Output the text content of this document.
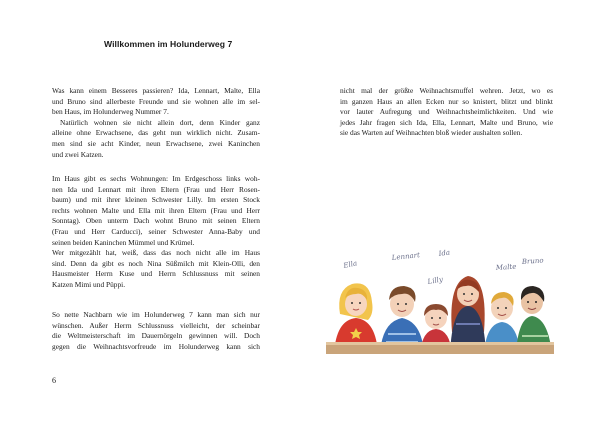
Willkommen im Holunderweg 7
Was kann einem Besseres passieren? Ida, Lennart, Malte, Ella
und Bruno sind allerbeste Freunde und sie wohnen alle im sel-
ben Haus, im Holunderweg Nummer 7.
Natürlich wohnen sie nicht allein dort, denn Kinder ganz
alleine ohne Erwachsene, das geht nun wirklich nicht. Zusam-
men sind sie acht Kinder, neun Erwachsene, zwei Kaninchen
und zwei Katzen.
Im Haus gibt es sechs Wohnungen: Im Erdgeschoss links woh-
nen Ida und Lennart mit ihren Eltern (Frau und Herr Rosen-
baum) und mit ihrer kleinen Schwester Lilly. Im ersten Stock
rechts wohnen Malte und Ella mit ihren Eltern (Frau und Herr
Sonntag). Oben unterm Dach wohnt Bruno mit seinen Eltern
(Frau und Herr Carducci), seiner Schwester Anna-Baby und
seinen beiden Kaninchen Mümmel und Krümel.
Wer mitgezählt hat, weiß, dass das noch nicht alle im Haus
sind. Denn da gibt es noch Nina Süßmilch mit Klein-Olli, den
Hausmeister Herrn Kuse und Herrn Schlussnuss mit seinen
Katzen Mimi und Püppi.
So nette Nachbarn wie im Holunderweg 7 kann man sich nur
wünschen. Außer Herrn Schlussnuss vielleicht, der scheinbar
die Weltmeisterschaft im Dauernörgeln gewinnen will. Doch
gegen die Weihnachtsvorfreude im Holunderweg kann sich
6
nicht mal der größte Weihnachtsmuffel wehren. Jetzt, wo es
im ganzen Haus an allen Ecken nur so knistert, blitzt und blinkt
vor lauter Aufregung und Weihnachtsheimlichkeiten. Und wie
jedes Jahr fragen sich Ida, Ella, Lennart, Malte und Bruno, wie
sie das Warten auf Weihnachten bloß wieder aushalten sollen.
Ella
Lennart	Ida
Lilly
Malte
Bruno
